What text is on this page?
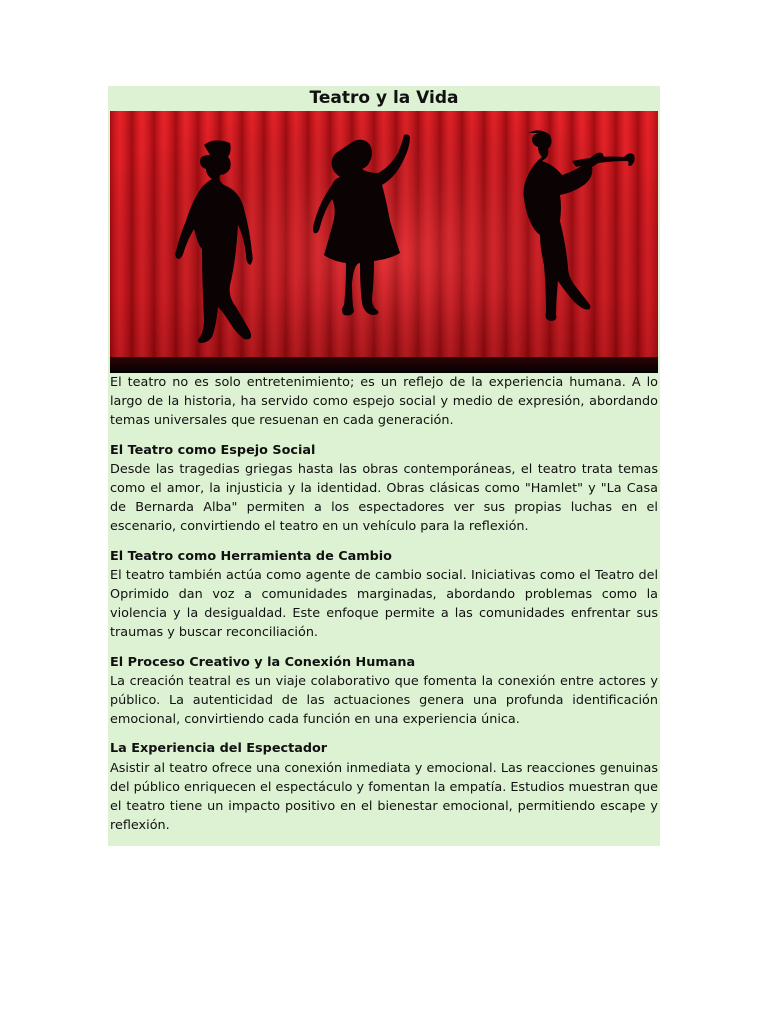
Teatro y la Vida

El teatro no es solo entretenimiento; es un reflejo de la experiencia humana. A lo largo de la historia, ha servido como espejo social y medio de expresión, abordando temas universales que resuenan en cada generación.

El Teatro como Espejo Social

Desde las tragedias griegas hasta las obras contemporáneas, el teatro trata temas como el amor, la injusticia y la identidad. Obras clásicas como "Hamlet" y "La Casa de Bernarda Alba" permiten a los espectadores ver sus propias luchas en el escenario, convirtiendo el teatro en un vehículo para la reflexión.

El Teatro como Herramienta de Cambio

El teatro también actúa como agente de cambio social. Iniciativas como el Teatro del Oprimido dan voz a comunidades marginadas, abordando problemas como la violencia y la desigualdad. Este enfoque permite a las comunidades enfrentar sus traumas y buscar reconciliación.

El Proceso Creativo y la Conexión Humana

La creación teatral es un viaje colaborativo que fomenta la conexión entre actores y público. La autenticidad de las actuaciones genera una profunda identificación emocional, convirtiendo cada función en una experiencia única.

La Experiencia del Espectador

Asistir al teatro ofrece una conexión inmediata y emocional. Las reacciones genuinas del público enriquecen el espectáculo y fomentan la empatía. Estudios muestran que el teatro tiene un impacto positivo en el bienestar emocional, permitiendo escape y reflexión.
